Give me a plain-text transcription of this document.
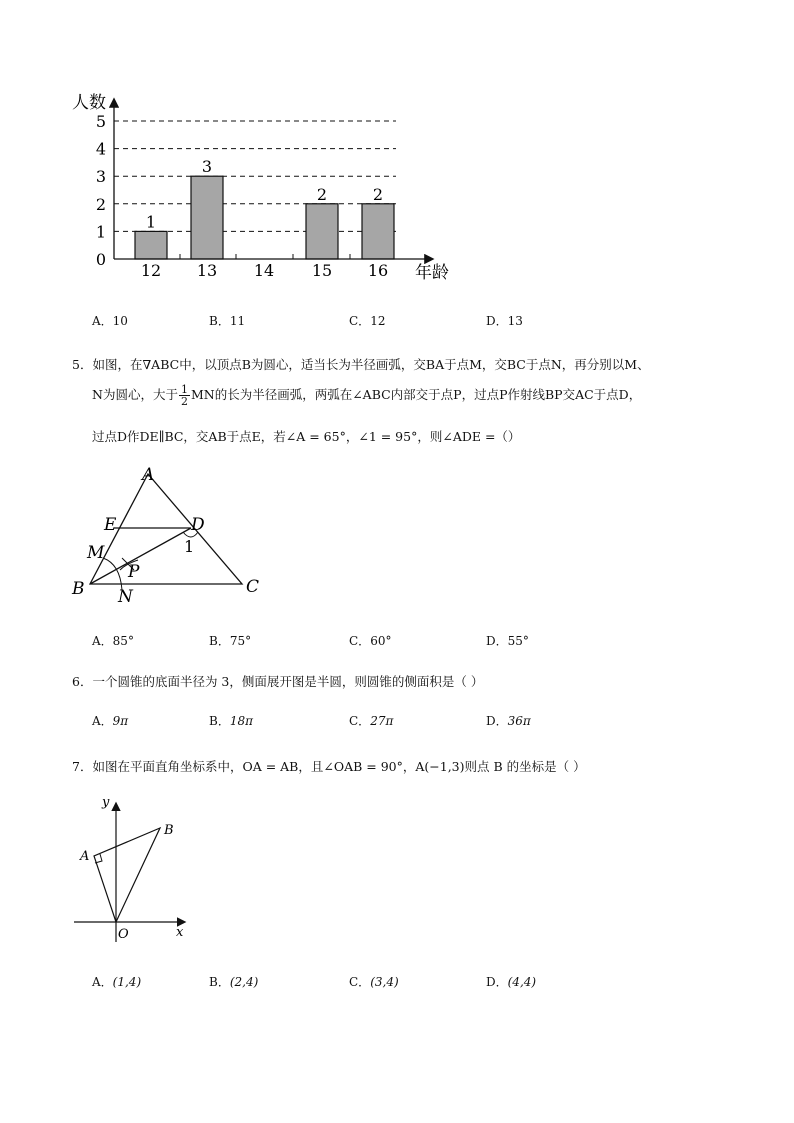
1
3
2	2
0
1
2
3
4
5
12 13 14 15 16
人数
年龄
A．10	B．11	C．12	D．13
5．如图，在∇ABC中，以顶点B为圆心，适当长为半径画弧，交BA于点M，交BC于点N，再分别以M、
N为圆心，大于 $\frac{1}{2}$ MN的长为半径画弧，两弧在∠ABC内部交于点P，过点P作射线BP交AC于点D，
过点D作DE∥BC，交AB于点E，若∠A = 65°，∠1 = 95°，则∠ADE =（）
A
E	D
1
M
P
B N	C
A．85°	B．75°	C．60°	D．55°
6．一个圆锥的底面半径为 3，侧面展开图是半圆，则圆锥的侧面积是（ ）
A．9π	B．18π	C．27π	D．36π
7．如图在平面直角坐标系中，OA = AB，且∠OAB = 90°，A(−1,3)则点 B 的坐标是（ ）
y
x
O
A
B
A．(1,4)	B．(2,4)	C．(3,4)	D．(4,4)
